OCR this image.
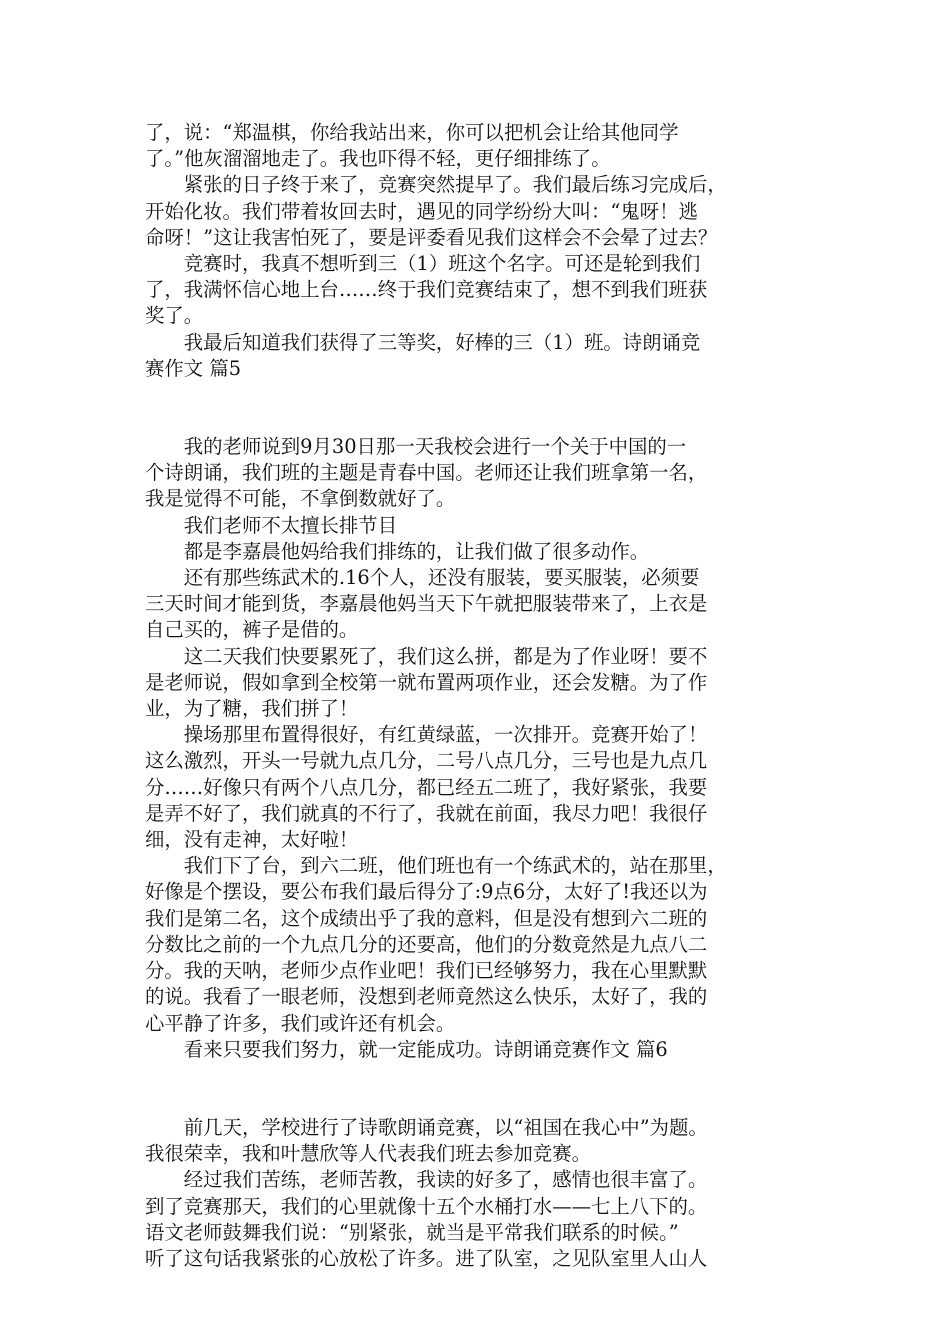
了，说：“郑温棋，你给我站出来，你可以把机会让给其他同学
了。”他灰溜溜地走了。我也吓得不轻，更仔细排练了。

紧张的日子终于来了，竞赛突然提早了。我们最后练习完成后，
开始化妆。我们带着妆回去时，遇见的同学纷纷大叫：“鬼呀！逃
命呀！”这让我害怕死了，要是评委看见我们这样会不会晕了过去？

竞赛时，我真不想听到三（1）班这个名字。可还是轮到我们
了，我满怀信心地上台……终于我们竞赛结束了，想不到我们班获
奖了。

我最后知道我们获得了三等奖，好棒的三（1）班。诗朗诵竞
赛作文 篇5

我的老师说到9月30日那一天我校会进行一个关于中国的一
个诗朗诵，我们班的主题是青春中国。老师还让我们班拿第一名，
我是觉得不可能，不拿倒数就好了。

我们老师不太擅长排节目

都是李嘉晨他妈给我们排练的，让我们做了很多动作。

还有那些练武术的.16个人，还没有服装，要买服装，必须要
三天时间才能到货，李嘉晨他妈当天下午就把服装带来了，上衣是
自己买的，裤子是借的。

这二天我们快要累死了，我们这么拼，都是为了作业呀！要不
是老师说，假如拿到全校第一就布置两项作业，还会发糖。为了作
业，为了糖，我们拼了！

操场那里布置得很好，有红黄绿蓝，一次排开。竞赛开始了！
这么激烈，开头一号就九点几分，二号八点几分，三号也是九点几
分……好像只有两个八点几分，都已经五二班了，我好紧张，我要
是弄不好了，我们就真的不行了，我就在前面，我尽力吧！我很仔
细，没有走神，太好啦！

我们下了台，到六二班，他们班也有一个练武术的，站在那里，
好像是个摆设，要公布我们最后得分了:9点6分，太好了!我还以为
我们是第二名，这个成绩出乎了我的意料，但是没有想到六二班的
分数比之前的一个九点几分的还要高，他们的分数竟然是九点八二
分。我的天呐，老师少点作业吧！我们已经够努力，我在心里默默
的说。我看了一眼老师，没想到老师竟然这么快乐，太好了，我的
心平静了许多，我们或许还有机会。

看来只要我们努力，就一定能成功。诗朗诵竞赛作文 篇6

前几天，学校进行了诗歌朗诵竞赛，以“祖国在我心中”为题。
我很荣幸，我和叶慧欣等人代表我们班去参加竞赛。

经过我们苦练，老师苦教，我读的好多了，感情也很丰富了。
到了竞赛那天，我们的心里就像十五个水桶打水——七上八下的。
语文老师鼓舞我们说：“别紧张，就当是平常我们联系的时候。”
听了这句话我紧张的心放松了许多。进了队室，之见队室里人山人
